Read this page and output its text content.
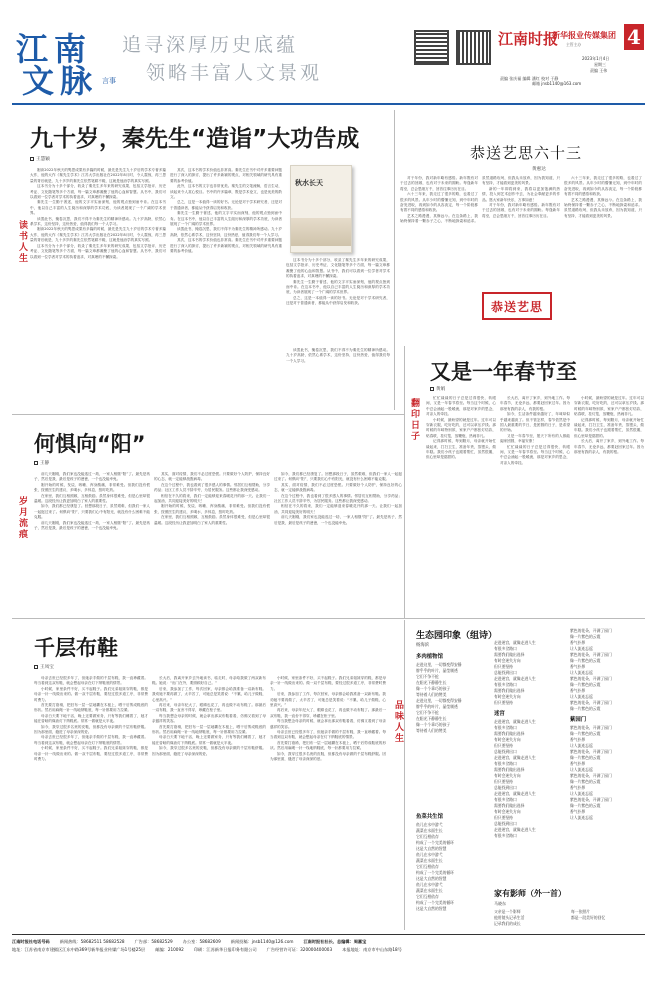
江南
文脉 言事
追寻深厚历史底蕴
领略丰富人文景观
江南时报
新华报业传媒集团
主管主办 4
2023年1月4日
星期三
责编 王伟
责编 张庆福 编辑 潘红 校对 于静
邮箱 jnsb1140@163.com
九十岁，秦先生“造诣”大功告成
王慧颖
读书人生

刚读2022年秋天的隽思成果有多篇的时候，最先是先生九十岁后的学术专著多篇大作，他的大作《秦先生学术》江苏大学出版社在2022年8月时，令人震惊，再三思量的背后就是，九十多岁的秦先生依然笔耕不辍，这就是他治学的真实写照。

这本书分为十多个部分，收录了秦先生多年来的研究成果，包括文学批评、历史考证、文化随笔等多个方面，每一篇文章都凝聚了他的心血和智慧。从书中，我们可以看到一位学者对学术的执着追求，对真理的不懈探索。

秦先生一生勤于著述，他的文字平实而深刻，他的观点独到而中肯。在这本书中，他以自己丰富的人生阅历和深厚的学术功底，为读者展现了一个广阔的学术世界。

读罢此书，掩卷沉思，我们不得不为秦先生的精神所感动。九十岁高龄，依然心系学术，这份坚持，这份热爱，值得我们每一个人学习。

刚读2022年秋天的隽思成果有多篇的时候，最先是先生九十岁后的学术专著多篇大作，他的大作《秦先生学术》江苏大学出版社在2022年8月时，令人震惊，再三思量的背后就是，九十多岁的秦先生依然笔耕不辍，这就是他治学的真实写照。

这本书分为十多个部分，收录了秦先生多年来的研究成果，包括文学批评、历史考证、文化随笔等多个方面，每一篇文章都凝聚了他的心血和智慧。从书中，我们可以看到一位学者对学术的执着追求，对真理的不懈探索。

其次，这本书的学术价值也非常高。秦先生在书中对许多重要问题进行了深入的探讨，提出了许多新颖的观点，对相关领域的研究具有重要的参考价值。

此外，这本书的文字也非常优美。秦先生的文笔流畅，语言生动，读起来令人赏心悦目。书中的许多篇章，既是学术论文，也是优美的散文。

总之，这是一本值得一读的好书。无论是对于学术研究者，还是对于普通读者，都能从中获得启发和收获。

秦先生一生勤于著述，他的文字平实而深刻，他的观点独到而中肯。在这本书中，他以自己丰富的人生阅历和深厚的学术功底，为读者展现了一个广阔的学术世界。

读罢此书，掩卷沉思，我们不得不为秦先生的精神所感动。九十岁高龄，依然心系学术，这份坚持，这份热爱，值得我们每一个人学习。

其次，这本书的学术价值也非常高。秦先生在书中对许多重要问题进行了深入的探讨，提出了许多新颖的观点，对相关领域的研究具有重要的参考价值。

秋水长天

这本书分为十多个部分，收录了秦先生多年来的研究成果，包括文学批评、历史考证、文化随笔等多个方面，每一篇文章都凝聚了他的心血和智慧。从书中，我们可以看到一位学者对学术的执着追求，对真理的不懈探索。

秦先生一生勤于著述，他的文字平实而深刻，他的观点独到而中肯。在这本书中，他以自己丰富的人生阅历和深厚的学术功底，为读者展现了一个广阔的学术世界。

总之，这是一本值得一读的好书。无论是对于学术研究者，还是对于普通读者，都能从中获得启发和收获。

读罢此书，掩卷沉思，我们不得不为秦先生的精神所感动。九十岁高龄，依然心系学术，这份坚持，这份热爱，值得我们每一个人学习。

恭送艺思六十三
黄惠达

对于年份，我对新年略有感悟。新年既有对于过去的回顾，也有对于未来的期盼。每逢新年将至，总会思绪万千，回首往事历历在目。

六十三年来，我走过了很多的路，也看过了很多的风景。从年少时的懵懂无知，到中年时的奋发进取，再到如今的从容淡定，每一个阶段都有着不同的感悟和收获。

艺术之路漫漫，其修远兮。在这条路上，我始终保持着一颗赤子之心，不断地探索和追求。虽然道路坎坷，但我从未放弃，因为我知道，只有坚持，才能看到更美的风景。

新的一年即将到来，我将以更加饱满的热情，投入到艺术创作中去，为社会奉献更多的作品。愿大家新年快乐，万事如意！

对于年份，我对新年略有感悟。新年既有对于过去的回顾，也有对于未来的期盼。每逢新年将至，总会思绪万千，回首往事历历在目。

六十三年来，我走过了很多的路，也看过了很多的风景。从年少时的懵懂无知，到中年时的奋发进取，再到如今的从容淡定，每一个阶段都有着不同的感悟和收获。

艺术之路漫漫，其修远兮。在这条路上，我始终保持着一颗赤子之心，不断地探索和追求。虽然道路坎坷，但我从未放弃，因为我知道，只有坚持，才能看到更美的风景。

恭送艺思
又是一年春节至
黄娟
翻印日子	忙忙碌碌的日子总是过得很快，转眼间，又是一年春节将至。每当这个时候，心中总会涌起一股暖流，那是对家乡的思念，对亲人的牵挂。

小时候，最盼望的就是过年。过年可以穿新衣服，吃好吃的，还可以拿压岁钱。那时候的年味特别浓，家家户户都张灯结彩，贴春联，挂灯笼，放鞭炮，热闹非凡。

记得那时候，每到腊月，母亲就开始忙碌起来，打扫卫生，准备年货，蒸馒头，做年糕。我们小孩子也跟着帮忙，虽然很累，但心里却是甜甜的。

长大后，离开了家乡，到外地工作。每年春节，无论多远，都要赶回家过年。因为那里有我的亲人，有我的根。

如今，生活条件越来越好了，年味却似乎越来越淡了。但不管怎样，春节依然是中国人最重要的节日，是团圆的日子，是希望的开始。

又是一年春节至，愿天下所有的人都能阖家团圆，幸福安康！

忙忙碌碌的日子总是过得很快，转眼间，又是一年春节将至。每当这个时候，心中总会涌起一股暖流，那是对家乡的思念，对亲人的牵挂。

小时候，最盼望的就是过年。过年可以穿新衣服，吃好吃的，还可以拿压岁钱。那时候的年味特别浓，家家户户都张灯结彩，贴春联，挂灯笼，放鞭炮，热闹非凡。

记得那时候，每到腊月，母亲就开始忙碌起来，打扫卫生，准备年货，蒸馒头，做年糕。我们小孩子也跟着帮忙，虽然很累，但心里却是甜甜的。

长大后，离开了家乡，到外地工作。每年春节，无论多远，都要赶回家过年。因为那里有我的亲人，有我的根。

何惧向“阳”
王静
岁月流痕

前几天刚刚，我们家也没能逃过一劫，一家人相继“阳”了。最先是孩子，然后是我，最后是孩子的爸爸，一个也没能幸免。

刚开始的时候，发烧、咳嗽、浑身酸痛，非常难受。但我们没有慌张，按照医生的建议，多喝水，多休息，按时吃药。

在家里，我们互相照顾，互相鼓励。虽然身体很难受，但是心里却很温暖。这段经历让我更加明白了家人的重要性。

如今，我们都已经康复了。回想那段日子，虽然艰难，但我们一家人一起挺过来了。何惧向“阳”，只要我们心中有阳光，就没有什么困难不能克服。

前几天刚刚，我们家也没能逃过一劫，一家人相继“阳”了。最先是孩子，然后是我，最后是孩子的爸爸，一个也没能幸免。

其实，面对疫情，我们不必过度恐慌。只要做好个人防护，保持良好的心态，就一定能够战胜病毒。

在这个过程中，我也看到了很多感人的事情。邻居们互相帮助，分享药品；社区工作人员不辞辛劳，为居民服务。这些都让我深受感动。

相信在不久的将来，我们一定能够迎来春暖花开的那一天。让我们一起加油，共同迎接美好的明天！

刚开始的时候，发烧、咳嗽、浑身酸痛，非常难受。但我们没有慌张，按照医生的建议，多喝水，多休息，按时吃药。

在家里，我们互相照顾，互相鼓励。虽然身体很难受，但是心里却很温暖。这段经历让我更加明白了家人的重要性。

如今，我们都已经康复了。回想那段日子，虽然艰难，但我们一家人一起挺过来了。何惧向“阳”，只要我们心中有阳光，就没有什么困难不能克服。

其实，面对疫情，我们不必过度恐慌。只要做好个人防护，保持良好的心态，就一定能够战胜病毒。

在这个过程中，我也看到了很多感人的事情。邻居们互相帮助，分享药品；社区工作人员不辞辛劳，为居民服务。这些都让我深受感动。

相信在不久的将来，我们一定能够迎来春暖花开的那一天。让我们一起加油，共同迎接美好的明天！

前几天刚刚，我们家也没能逃过一劫，一家人相继“阳”了。最先是孩子，然后是我，最后是孩子的爸爸，一个也没能幸免。

千层布鞋
王凤宝

母亲去世已经很多年了，但她亲手做的千层布鞋，我一直珍藏着。每当看到这双布鞋，就会想起母亲在灯下纳鞋底的情景。

小时候，家里条件不好，买不起鞋子。我们兄弟姐妹穿的鞋，都是母亲一针一线做出来的。做一双千层布鞋，要经过很多道工序，非常费时费力。

首先要打袼褙，把旧布一层一层地糊在木板上，晒干后剪成鞋底的形状。然后用麻绳一针一线地纳鞋底，每一针都要用力拉紧。

母亲白天要下地干活，晚上还要做家务，只有等我们睡着了，她才能在昏暗的煤油灯下纳鞋底。常常一做就是大半夜。

如今，我穿过很多名贵的皮鞋，但都没有母亲做的千层布鞋舒服。因为那里面，缝进了母亲深深的爱。

母亲去世已经很多年了，但她亲手做的千层布鞋，我一直珍藏着。每当看到这双布鞋，就会想起母亲在灯下纳鞋底的情景。

小时候，家里条件不好，买不起鞋子。我们兄弟姐妹穿的鞋，都是母亲一针一线做出来的。做一双千层布鞋，要经过很多道工序，非常费时费力。

长大后，我离开家乡去外地读书，临走时，母亲给我做了两双新布鞋。她说：“出门在外，要照顾好自己。”

后来，我参加了工作，每次回家，母亲都会给我准备一双新布鞋。我劝她不要再做了，太辛苦了，可她总是笑着说：“不累，给儿子做鞋，心里高兴。”

再后来，母亲年纪大了，眼睛也花了，再也做不动布鞋了。那最后一双布鞋，我一直舍不得穿，珍藏在柜子里。

每当我想念母亲的时候，就会拿出那双布鞋看看，仿佛又看到了母亲慈祥的笑容。

首先要打袼褙，把旧布一层一层地糊在木板上，晒干后剪成鞋底的形状。然后用麻绳一针一线地纳鞋底，每一针都要用力拉紧。

母亲白天要下地干活，晚上还要做家务，只有等我们睡着了，她才能在昏暗的煤油灯下纳鞋底。常常一做就是大半夜。

如今，我穿过很多名贵的皮鞋，但都没有母亲做的千层布鞋舒服。因为那里面，缝进了母亲深深的爱。

小时候，家里条件不好，买不起鞋子。我们兄弟姐妹穿的鞋，都是母亲一针一线做出来的。做一双千层布鞋，要经过很多道工序，非常费时费力。

后来，我参加了工作，每次回家，母亲都会给我准备一双新布鞋。我劝她不要再做了，太辛苦了，可她总是笑着说：“不累，给儿子做鞋，心里高兴。”

再后来，母亲年纪大了，眼睛也花了，再也做不动布鞋了。那最后一双布鞋，我一直舍不得穿，珍藏在柜子里。

每当我想念母亲的时候，就会拿出那双布鞋看看，仿佛又看到了母亲慈祥的笑容。

母亲去世已经很多年了，但她亲手做的千层布鞋，我一直珍藏着。每当看到这双布鞋，就会想起母亲在灯下纳鞋底的情景。

首先要打袼褙，把旧布一层一层地糊在木板上，晒干后剪成鞋底的形状。然后用麻绳一针一线地纳鞋底，每一针都要用力拉紧。

如今，我穿过很多名贵的皮鞋，但都没有母亲做的千层布鞋舒服。因为那里面，缝进了母亲深深的爱。

品味人生
生态园印象（组诗）
杨海滨
多肉植物馆
走进这里，一切都变得安静
胖乎乎的叶片，晶莹剔透
它们不争不抢
在阳光下静静生长
像一个个乖巧的孩子
等待着人们的赞美
走进这里，一切都变得安静
胖乎乎的叶片，晶莹剔透
它们不争不抢
在阳光下静静生长
像一个个乖巧的孩子
等待着人们的赞美
鱼菜共生馆
鱼儿在水中游弋
蔬菜在水面生长
它们互相依存
构成了一个完美的循环
这是大自然的智慧
鱼儿在水中游弋
蔬菜在水面生长
它们互相依存
构成了一个完美的循环
这是大自然的智慧
鱼儿在水中游弋
蔬菜在水面生长
它们互相依存
构成了一个完美的循环
这是大自然的智慧
走进迷宫，就像走进人生
有很多岔路口
需要我们做出选择
有时会迷失方向
但只要坚持
总能找到出口
走进迷宫，就像走进人生
有很多岔路口
需要我们做出选择
有时会迷失方向
但只要坚持
迷宫
走进迷宫，就像走进人生
有很多岔路口
需要我们做出选择
有时会迷失方向
但只要坚持
总能找到出口
走进迷宫，就像走进人生
有很多岔路口
需要我们做出选择
有时会迷失方向
但只要坚持
总能找到出口
走进迷宫，就像走进人生
有很多岔路口
需要我们做出选择
有时会迷失方向
但只要坚持
总能找到出口
走进迷宫，就像走进人生
有很多岔路口
紫色的花朵，开满了园门
像一片紫色的云霞
香气扑鼻
让人流连忘返
紫色的花朵，开满了园门
像一片紫色的云霞
香气扑鼻
让人流连忘返
紫色的花朵，开满了园门
像一片紫色的云霞
香气扑鼻
让人流连忘返
紫色的花朵，开满了园门
像一片紫色的云霞
紫园门
紫色的花朵，开满了园门
像一片紫色的云霞
香气扑鼻
让人流连忘返
紫色的花朵，开满了园门
像一片紫色的云霞
香气扑鼻
让人流连忘返
紫色的花朵，开满了园门
像一片紫色的云霞
香气扑鼻
让人流连忘返
紫色的花朵，开满了园门
像一片紫色的云霞
香气扑鼻
让人流连忘返
家有影师（外一首）
马晓东
父亲是一个影师
他用镜头记录生活
记录我们的成长
每一张照片
都是一段美好的回忆
江南时报社电话号码 新闻热线：58682511 58682528 广告部：58682529 办公室：58682609 新闻投稿：jnsb1140@126.com 江南时报社社长、总编辑：周嘉宝
地址：江苏省南京市建邺区江东中路369号新华报业传媒广场1号楼25层 邮编：210092 印刷：江苏新华日报印务有限公司 广告经营许可证：320000400003 本报地址：南京市中山东路18号
